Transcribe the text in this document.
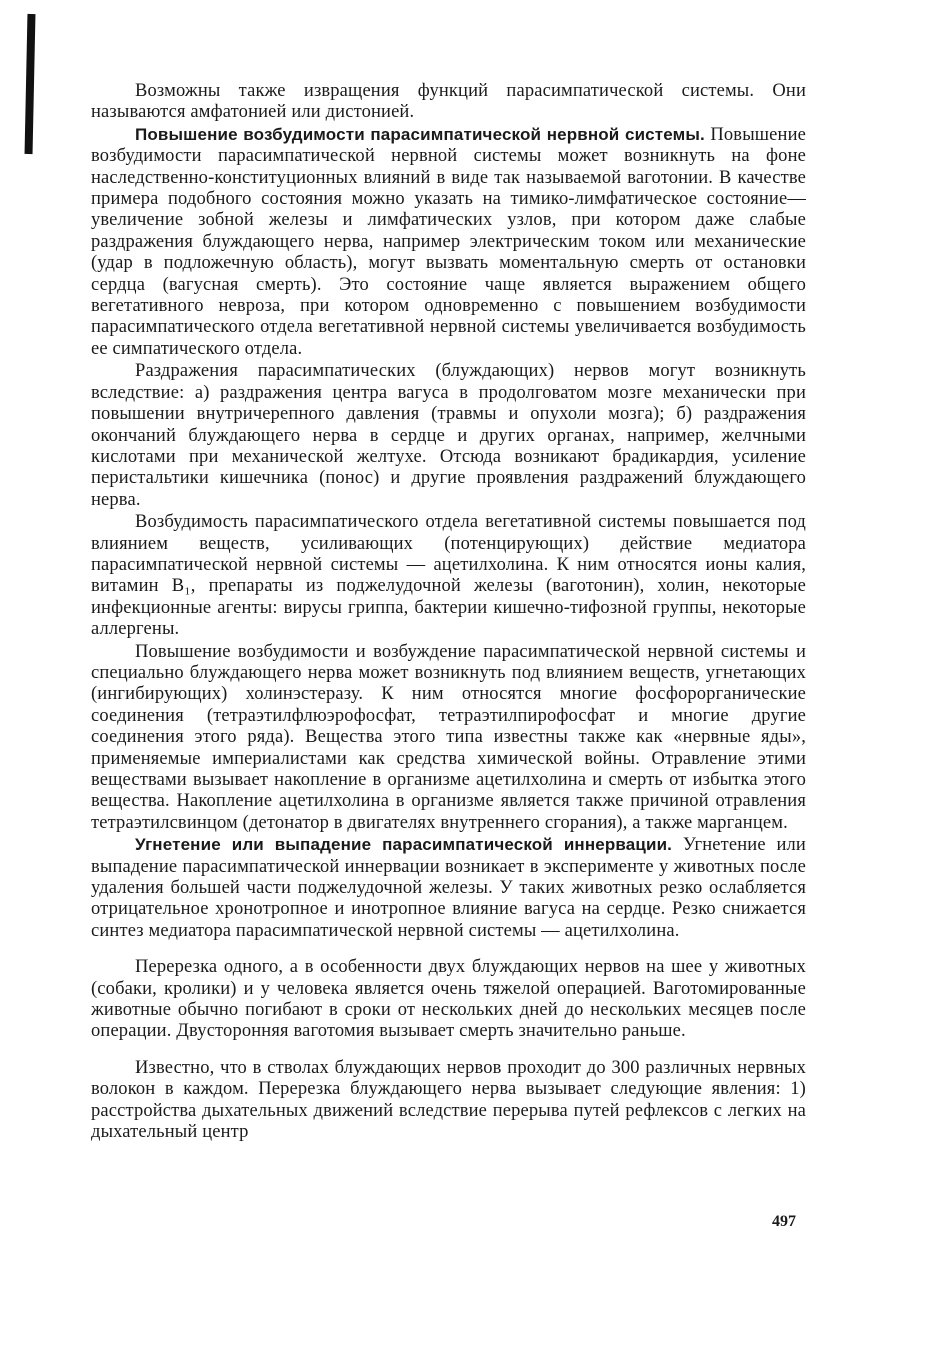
Возможны также извращения функций парасимпатической системы. Они называются амфатонией или дистонией.

Повышение возбудимости парасимпатической нервной системы. Повышение возбудимости парасимпатической нервной системы может возникнуть на фоне наследственно-конституционных влияний в виде так называемой ваготонии. В качестве примера подобного состояния можно указать на тимико-лимфатическое состояние—увеличение зобной железы и лимфатических узлов, при котором даже слабые раздражения блуждающего нерва, например электрическим током или механические (удар в подложечную область), могут вызвать моментальную смерть от остановки сердца (вагусная смерть). Это состояние чаще является выражением общего вегетативного невроза, при котором одновременно с повышением возбудимости парасимпатического отдела вегетативной нервной системы увеличивается возбудимость ее симпатического отдела.

Раздражения парасимпатических (блуждающих) нервов могут возникнуть вследствие: а) раздражения центра вагуса в продолговатом мозге механически при повышении внутричерепного давления (травмы и опухоли мозга); б) раздражения окончаний блуждающего нерва в сердце и других органах, например, желчными кислотами при механической желтухе. Отсюда возникают брадикардия, усиление перистальтики кишечника (понос) и другие проявления раздражений блуждающего нерва.

Возбудимость парасимпатического отдела вегетативной системы повышается под влиянием веществ, усиливающих (потенцирующих) действие медиатора парасимпатической нервной системы — ацетилхолина. К ним относятся ионы калия, витамин B₁, препараты из поджелудочной железы (ваготонин), холин, некоторые инфекционные агенты: вирусы гриппа, бактерии кишечно-тифозной группы, некоторые аллергены.

Повышение возбудимости и возбуждение парасимпатической нервной системы и специально блуждающего нерва может возникнуть под влиянием веществ, угнетающих (ингибирующих) холинэстеразу. К ним относятся многие фосфорорганические соединения (тетраэтилфлюэрофосфат, тетраэтилпирофосфат и многие другие соединения этого ряда). Вещества этого типа известны также как «нервные яды», применяемые империалистами как средства химической войны. Отравление этими веществами вызывает накопление в организме ацетилхолина и смерть от избытка этого вещества. Накопление ацетилхолина в организме является также причиной отравления тетраэтилсвинцом (детонатор в двигателях внутреннего сгорания), а также марганцем.

Угнетение или выпадение парасимпатической иннервации. Угнетение или выпадение парасимпатической иннервации возникает в эксперименте у животных после удаления большей части поджелудочной железы. У таких животных резко ослабляется отрицательное хронотропное и инотропное влияние вагуса на сердце. Резко снижается синтез медиатора парасимпатической нервной системы — ацетилхолина.

Перерезка одного, а в особенности двух блуждающих нервов на шее у животных (собаки, кролики) и у человека является очень тяжелой операцией. Ваготомированные животные обычно погибают в сроки от нескольких дней до нескольких месяцев после операции. Двусторонняя ваготомия вызывает смерть значительно раньше.

Известно, что в стволах блуждающих нервов проходит до 300 различных нервных волокон в каждом. Перерезка блуждающего нерва вызывает следующие явления: 1) расстройства дыхательных движений вследствие перерыва путей рефлексов с легких на дыхательный центр

497
